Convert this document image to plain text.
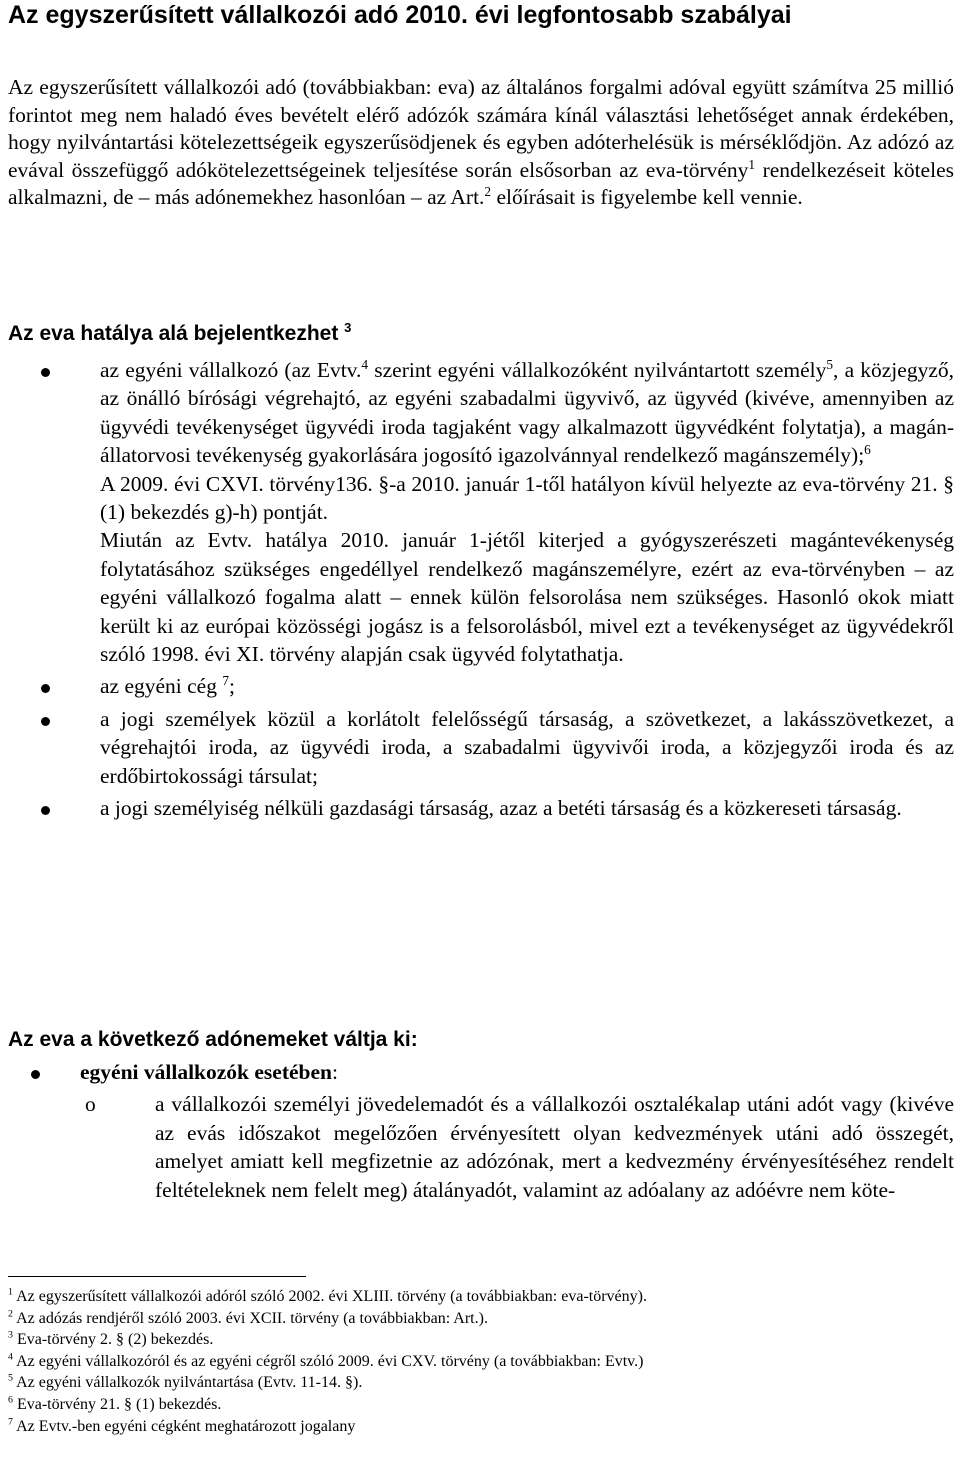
Az egyszerűsített vállalkozói adó 2010. évi legfontosabb szabályai

Az egyszerűsített vállalkozói adó (továbbiakban: eva) az általános forgalmi adóval együtt számítva 25 millió forintot meg nem haladó éves bevételt elérő adózók számára kínál választási lehetőséget annak érdekében, hogy nyilvántartási kötelezettségeik egyszerűsödjenek és egyben adóterhelésük is mérséklődjön. Az adózó az evával összefüggő adókötelezettségeinek teljesítése során elsősorban az eva-törvény$^1$ rendelkezéseit köteles alkalmazni, de – más adónemekhez hasonlóan – az Art.$^2$ előírásait is figyelembe kell vennie.

Az eva hatálya alá bejelentkezhet $^3$

az egyéni vállalkozó (az Evtv.$^4$ szerint egyéni vállalkozóként nyilvántartott személy$^5$, a közjegyző, az önálló bírósági végrehajtó, az egyéni szabadalmi ügyvivő, az ügyvéd (kivéve, amennyiben az ügyvédi tevékenységet ügyvédi iroda tagjaként vagy alkalmazott ügyvédként folytatja), a magán-állatorvosi tevékenység gyakorlására jogosító igazolvánnyal rendelkező magánszemély);$^6$

A 2009. évi CXVI. törvény136. §-a 2010. január 1-től hatályon kívül helyezte az eva-törvény 21. § (1) bekezdés g)-h) pontját.

Miután az Evtv. hatálya 2010. január 1-jétől kiterjed a gyógyszerészeti magántevékenység folytatásához szükséges engedéllyel rendelkező magánszemélyre, ezért az eva-törvényben – az egyéni vállalkozó fogalma alatt – ennek külön felsorolása nem szükséges. Hasonló okok miatt került ki az európai közösségi jogász is a felsorolásból, mivel ezt a tevékenységet az ügyvédekről szóló 1998. évi XI. törvény alapján csak ügyvéd folytathatja.

az egyéni cég $^7$;
a jogi személyek közül a korlátolt felelősségű társaság, a szövetkezet, a lakásszövetkezet, a végrehajtói iroda, az ügyvédi iroda, a szabadalmi ügyvivői iroda, a közjegyzői iroda és az erdőbirtokossági társulat;
a jogi személyiség nélküli gazdasági társaság, azaz a betéti társaság és a közkereseti társaság.
Az eva a következő adónemeket váltja ki:
egyéni vállalkozók esetében:
o	a vállalkozói személyi jövedelemadót és a vállalkozói osztalékalap utáni adót vagy (kivéve az evás időszakot megelőzően érvényesített olyan kedvezmények utáni adó összegét, amelyet amiatt kell megfizetnie az adózónak, mert a kedvezmény érvényesítéséhez rendelt feltételeknek nem felelt meg) átalányadót, valamint az adóalany az adóévre nem köte-
$^1$ Az egyszerűsített vállalkozói adóról szóló 2002. évi XLIII. törvény (a továbbiakban: eva-törvény).
$^2$ Az adózás rendjéről szóló 2003. évi XCII. törvény (a továbbiakban: Art.).
$^3$ Eva-törvény 2. § (2) bekezdés.
$^4$ Az egyéni vállalkozóról és az egyéni cégről szóló 2009. évi CXV. törvény (a továbbiakban: Evtv.)
$^5$ Az egyéni vállalkozók nyilvántartása (Evtv. 11-14. §).
$^6$ Eva-törvény 21. § (1) bekezdés.
$^7$ Az Evtv.-ben egyéni cégként meghatározott jogalany
